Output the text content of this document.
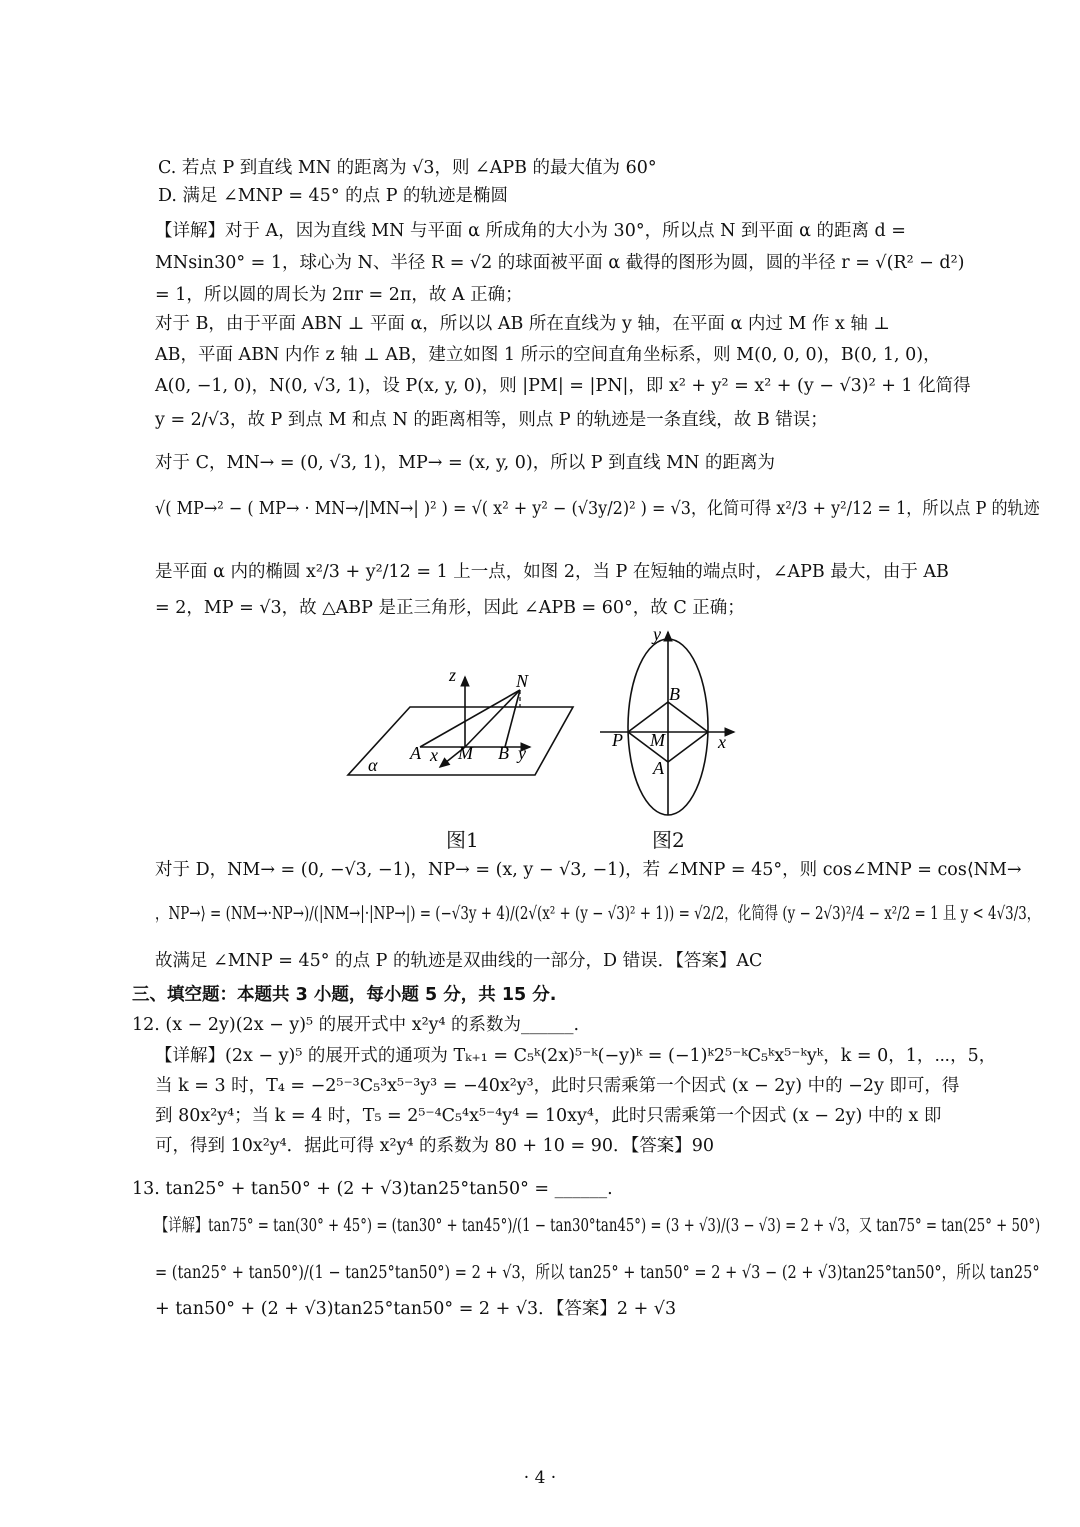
C. 若点 P 到直线 MN 的距离为 √3，则 ∠APB 的最大值为 60°
D. 满足 ∠MNP = 45° 的点 P 的轨迹是椭圆
【详解】对于 A，因为直线 MN 与平面 α 所成角的大小为 30°，所以点 N 到平面 α 的距离 d =
MNsin30° = 1，球心为 N、半径 R = √2 的球面被平面 α 截得的图形为圆，圆的半径 r = √(R² − d²)
= 1，所以圆的周长为 2πr = 2π，故 A 正确；
对于 B，由于平面 ABN ⊥ 平面 α，所以以 AB 所在直线为 y 轴，在平面 α 内过 M 作 x 轴 ⊥
AB，平面 ABN 内作 z 轴 ⊥ AB，建立如图 1 所示的空间直角坐标系，则 M(0, 0, 0)，B(0, 1, 0)，
A(0, −1, 0)，N(0, √3, 1)，设 P(x, y, 0)，则 |PM| = |PN|，即 x² + y² = x² + (y − √3)² + 1 化简得
y = 2/√3，故 P 到点 M 和点 N 的距离相等，则点 P 的轨迹是一条直线，故 B 错误；
对于 C，MN→ = (0, √3, 1)，MP→ = (x, y, 0)，所以 P 到直线 MN 的距离为
√( MP→² − ( MP→ · MN→/|MN→| )² ) = √( x² + y² − (√3y/2)² ) = √3，化简可得 x²/3 + y²/12 = 1，所以点 P 的轨迹
是平面 α 内的椭圆 x²/3 + y²/12 = 1 上一点，如图 2，当 P 在短轴的端点时，∠APB 最大，由于 AB
= 2，MP = √3，故 △ABP 是正三角形，因此 ∠APB = 60°，故 C 正确；
z	N
A x M B y
α
图1
y
B
P M	x
A
图2
对于 D，NM→ = (0, −√3, −1)，NP→ = (x, y − √3, −1)，若 ∠MNP = 45°，则 cos∠MNP = cos⟨NM→
，NP→⟩ = (NM→·NP→)/(|NM→|·|NP→|) = (−√3y + 4)/(2√(x² + (y − √3)² + 1)) = √2/2，化简得 (y − 2√3)²/4 − x²/2 = 1 且 y < 4√3/3，
故满足 ∠MNP = 45° 的点 P 的轨迹是双曲线的一部分，D 错误．【答案】AC
三、填空题：本题共 3 小题，每小题 5 分，共 15 分.
12. (x − 2y)(2x − y)⁵ 的展开式中 x²y⁴ 的系数为______.
【详解】(2x − y)⁵ 的展开式的通项为 Tₖ₊₁ = C₅ᵏ(2x)⁵⁻ᵏ(−y)ᵏ = (−1)ᵏ2⁵⁻ᵏC₅ᵏx⁵⁻ᵏyᵏ，k = 0，1，⋯，5，
当 k = 3 时，T₄ = −2⁵⁻³C₅³x⁵⁻³y³ = −40x²y³，此时只需乘第一个因式 (x − 2y) 中的 −2y 即可，得
到 80x²y⁴；当 k = 4 时，T₅ = 2⁵⁻⁴C₅⁴x⁵⁻⁴y⁴ = 10xy⁴，此时只需乘第一个因式 (x − 2y) 中的 x 即
可，得到 10x²y⁴．据此可得 x²y⁴ 的系数为 80 + 10 = 90．【答案】90
13. tan25° + tan50° + (2 + √3)tan25°tan50° = ______.
【详解】tan75° = tan(30° + 45°) = (tan30° + tan45°)/(1 − tan30°tan45°) = (3 + √3)/(3 − √3) = 2 + √3，又 tan75° = tan(25° + 50°)
= (tan25° + tan50°)/(1 − tan25°tan50°) = 2 + √3，所以 tan25° + tan50° = 2 + √3 − (2 + √3)tan25°tan50°，所以 tan25°
+ tan50° + (2 + √3)tan25°tan50° = 2 + √3．【答案】2 + √3
· 4 ·
